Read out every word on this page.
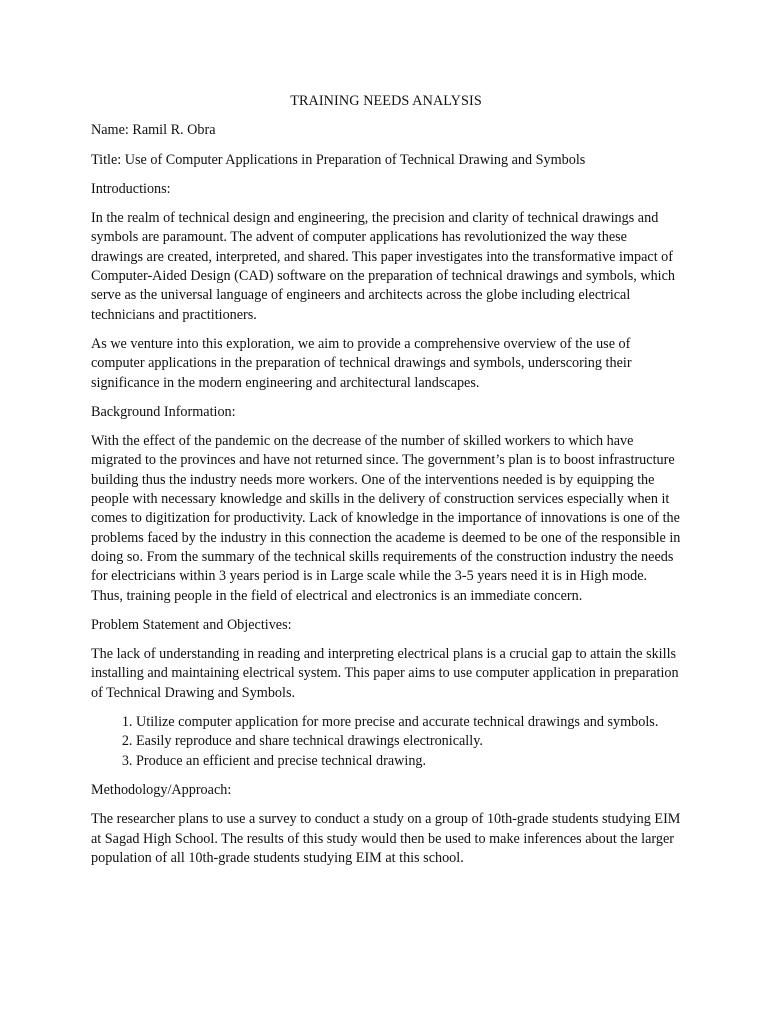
TRAINING NEEDS ANALYSIS

Name: Ramil R. Obra

Title: Use of Computer Applications in Preparation of Technical Drawing and Symbols

Introductions:

In the realm of technical design and engineering, the precision and clarity of technical drawings and symbols are paramount. The advent of computer applications has revolutionized the way these drawings are created, interpreted, and shared. This paper investigates into the transformative impact of Computer-Aided Design (CAD) software on the preparation of technical drawings and symbols, which serve as the universal language of engineers and architects across the globe including electrical technicians and practitioners.

As we venture into this exploration, we aim to provide a comprehensive overview of the use of computer applications in the preparation of technical drawings and symbols, underscoring their significance in the modern engineering and architectural landscapes.

Background Information:

With the effect of the pandemic on the decrease of the number of skilled workers to which have migrated to the provinces and have not returned since. The government’s plan is to boost infrastructure building thus the industry needs more workers. One of the interventions needed is by equipping the people with necessary knowledge and skills in the delivery of construction services especially when it comes to digitization for productivity. Lack of knowledge in the importance of innovations is one of the problems faced by the industry in this connection the academe is deemed to be one of the responsible in doing so. From the summary of the technical skills requirements of the construction industry the needs for electricians within 3 years period is in Large scale while the 3-5 years need it is in High mode. Thus, training people in the field of electrical and electronics is an immediate concern.

Problem Statement and Objectives:

The lack of understanding in reading and interpreting electrical plans is a crucial gap to attain the skills installing and maintaining electrical system. This paper aims to use computer application in preparation of Technical Drawing and Symbols.

1. Utilize computer application for more precise and accurate technical drawings and symbols.
2. Easily reproduce and share technical drawings electronically.
3. Produce an efficient and precise technical drawing.
Methodology/Approach:

The researcher plans to use a survey to conduct a study on a group of 10th-grade students studying EIM at Sagad High School. The results of this study would then be used to make inferences about the larger population of all 10th-grade students studying EIM at this school.
